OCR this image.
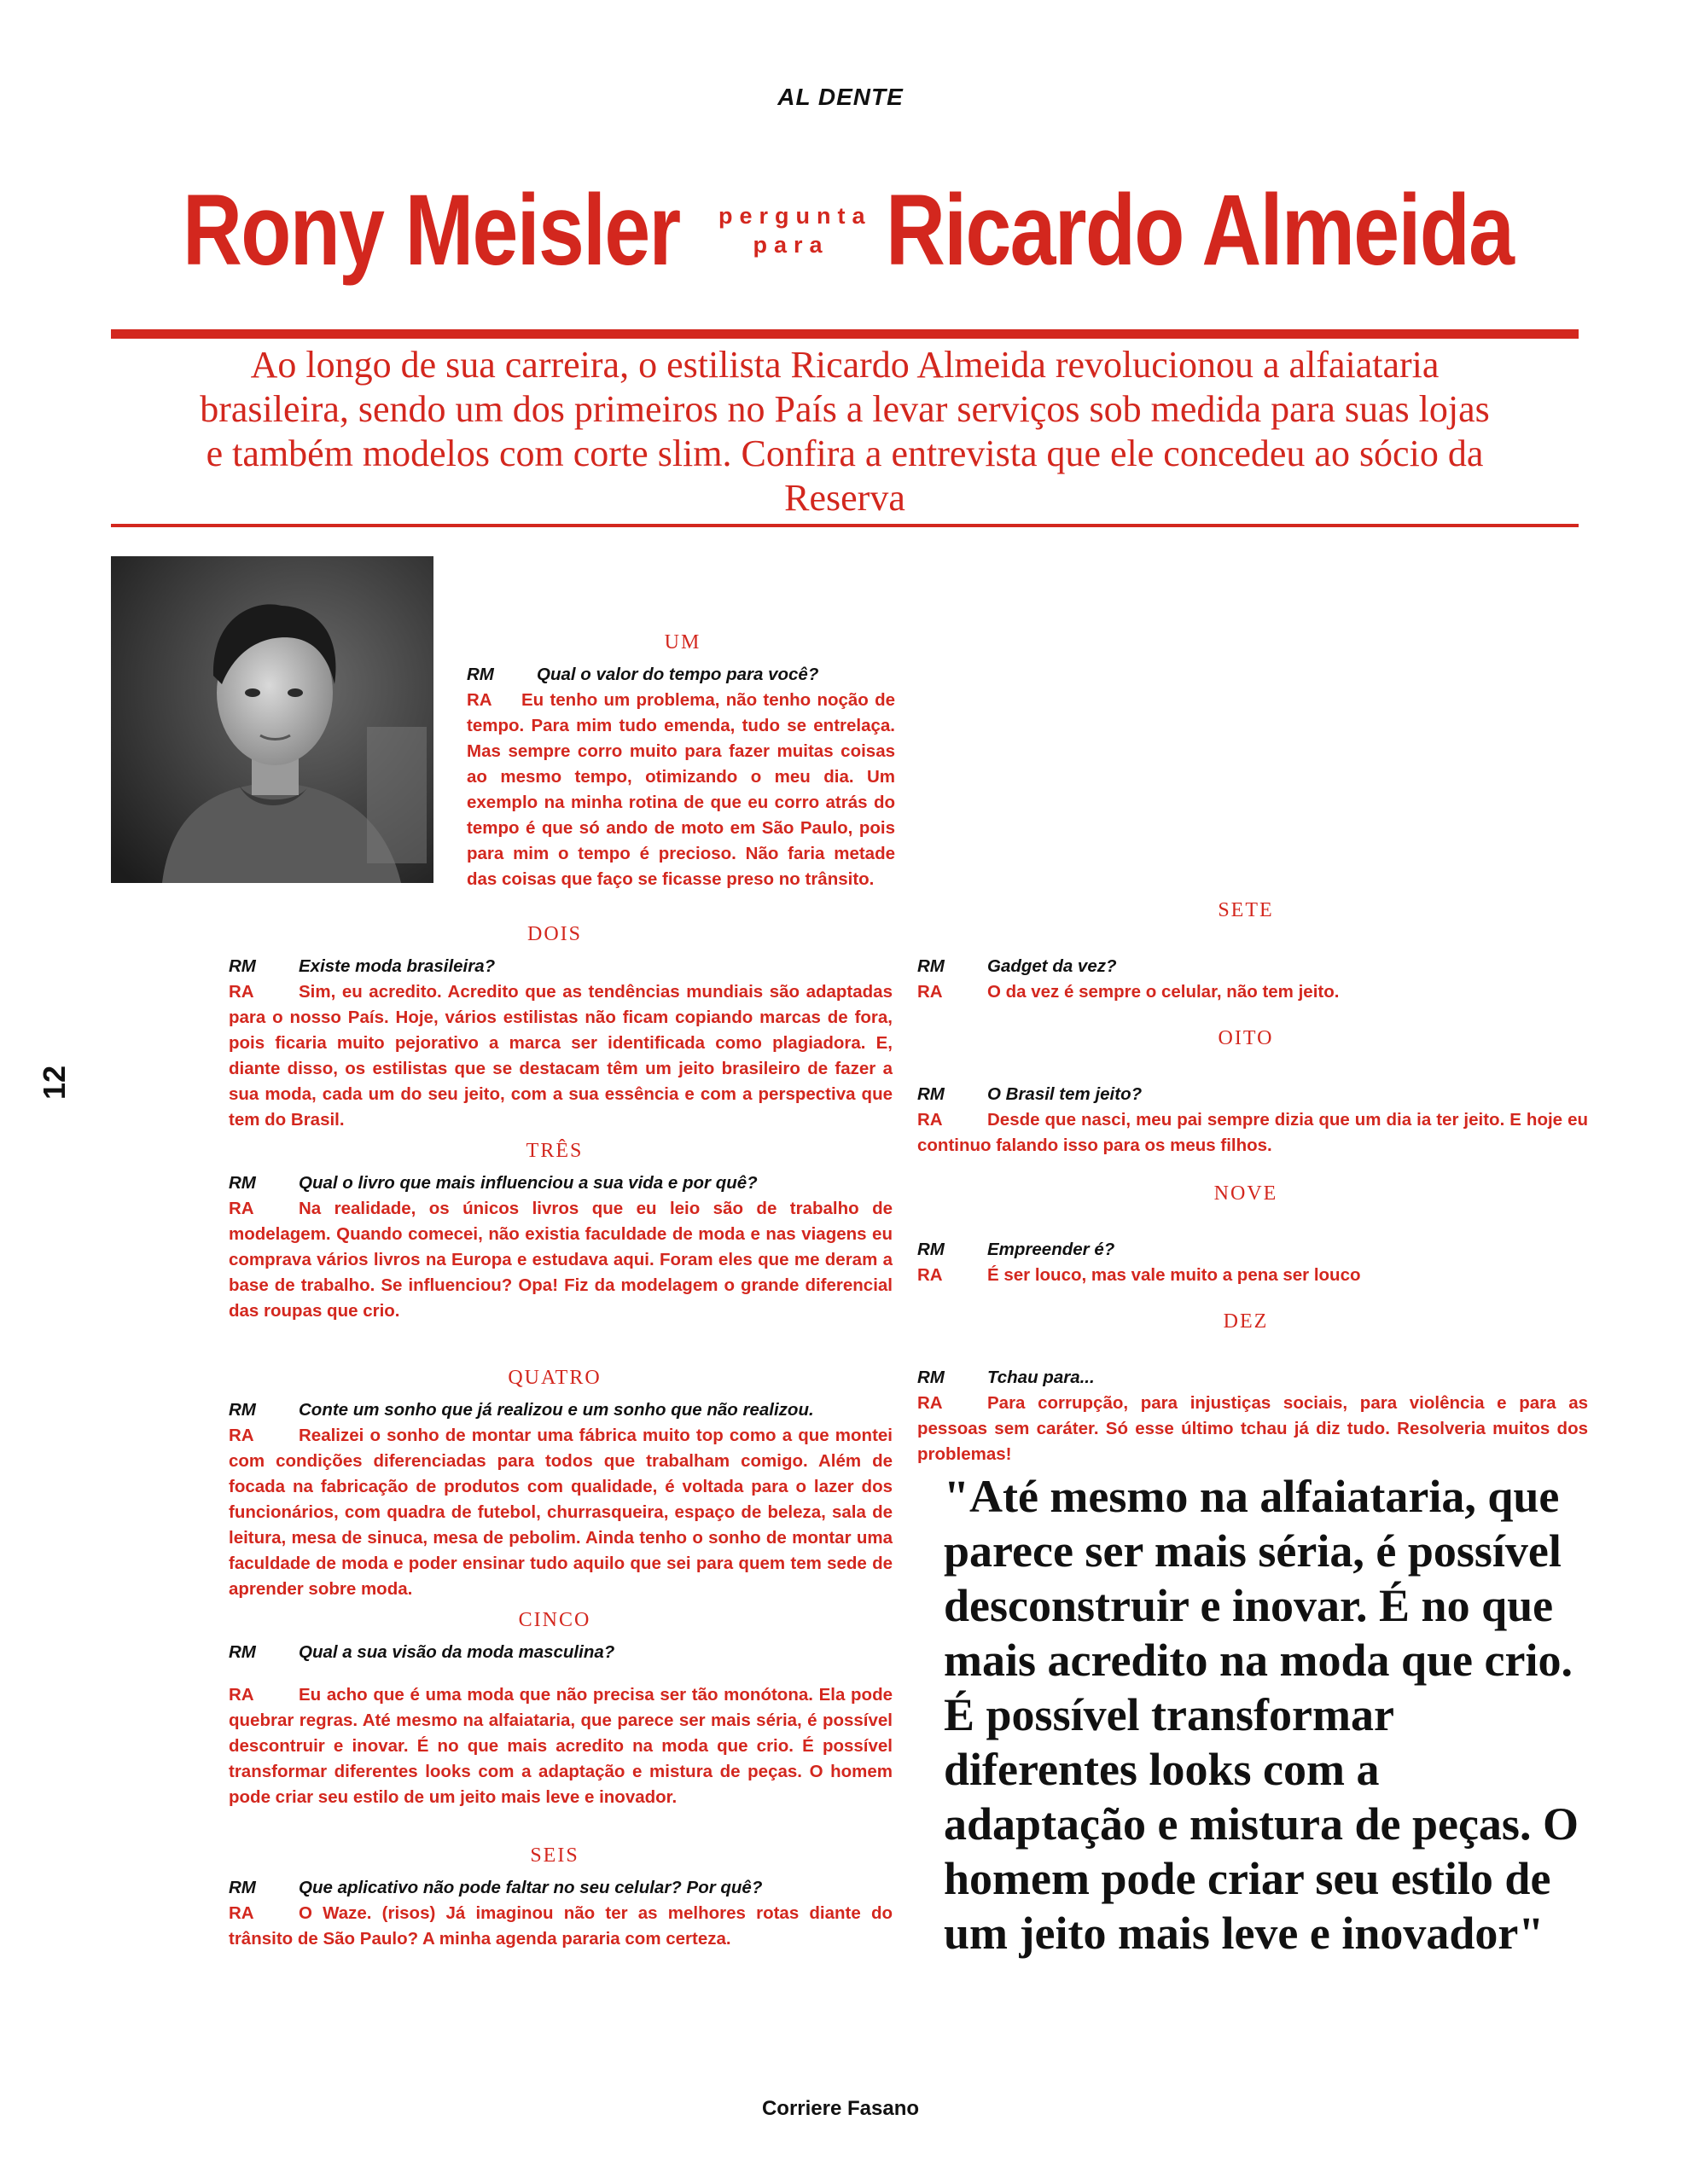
AL DENTE
Rony Meisler pergunta
para Ricardo Almeida
Ao longo de sua carreira, o estilista Ricardo Almeida revolucionou a alfaiataria brasileira, sendo um dos primeiros no País a levar serviços sob medida para suas lojas e também modelos com corte slim. Confira a entrevista que ele concedeu ao sócio da Reserva
UM
RM Qual o valor do tempo para você?
RA Eu tenho um problema, não tenho noção de tempo. Para mim tudo emenda, tudo se entrelaça. Mas sempre corro muito para fazer muitas coisas ao mesmo tempo, otimizando o meu dia. Um exemplo na minha rotina de que eu corro atrás do tempo é que só ando de moto em São Paulo, pois para mim o tempo é precioso. Não faria metade das coisas que faço se ficasse preso no trânsito.
DOIS
RM Existe moda brasileira?
RA	Sim, eu acredito. Acredito que as tendências mundiais são adaptadas para o nosso País. Hoje, vários estilistas não ficam copiando marcas de fora, pois ficaria muito pejorativo a marca ser identificada como plagiadora. E, diante disso, os estilistas que se destacam têm um jeito brasileiro de fazer a sua moda, cada um do seu jeito, com a sua essência e com a perspectiva que tem do Brasil.
TRÊS
RM Qual o livro que mais influenciou a sua vida e por quê?
RA	Na realidade, os únicos livros que eu leio são de trabalho de modelagem. Quando comecei, não existia faculdade de moda e nas viagens eu comprava vários livros na Europa e estudava aqui. Foram eles que me deram a base de trabalho. Se influenciou? Opa! Fiz da modelagem o grande diferencial das roupas que crio.
QUATRO
RM Conte um sonho que já realizou e um sonho que não realizou.
RA	Realizei o sonho de montar uma fábrica muito top como a que montei com condições diferenciadas para todos que trabalham comigo. Além de focada na fabricação de produtos com qualidade, é voltada para o lazer dos funcionários, com quadra de futebol, churrasqueira, espaço de beleza, sala de leitura, mesa de sinuca, mesa de pebolim. Ainda tenho o sonho de montar uma faculdade de moda e poder ensinar tudo aquilo que sei para quem tem sede de aprender sobre moda.
CINCO
RM Qual a sua visão da moda masculina?
RA	Eu acho que é uma moda que não precisa ser tão monótona. Ela pode quebrar regras. Até mesmo na alfaiataria, que parece ser mais séria, é possível descontruir e inovar. É no que mais acredito na moda que crio. É possível transformar diferentes looks com a adaptação e mistura de peças. O homem pode criar seu estilo de um jeito mais leve e inovador.
SEIS
RM Que aplicativo não pode faltar no seu celular? Por quê?
RA	O Waze. (risos) Já imaginou não ter as melhores rotas diante do trânsito de São Paulo? A minha agenda pararia com certeza.
SETE
RM Gadget da vez?
RA	O da vez é sempre o celular, não tem jeito.
OITO
RM O Brasil tem jeito?
RA	Desde que nasci, meu pai sempre dizia que um dia ia ter jeito. E hoje eu continuo falando isso para os meus filhos.
NOVE
RM Empreender é?
RA	É ser louco, mas vale muito a pena ser louco
DEZ
RM Tchau para...
RA	Para corrupção, para injustiças sociais, para violência e para as pessoas sem caráter. Só esse último tchau já diz tudo. Resolveria muitos dos problemas!
"Até mesmo na alfaiataria, que parece ser mais séria, é possível desconstruir e inovar. É no que mais acredito na moda que crio. É possível transformar diferentes looks com a adaptação e mistura de peças. O homem pode criar seu estilo de um jeito mais leve e inovador"
12
Corriere Fasano
